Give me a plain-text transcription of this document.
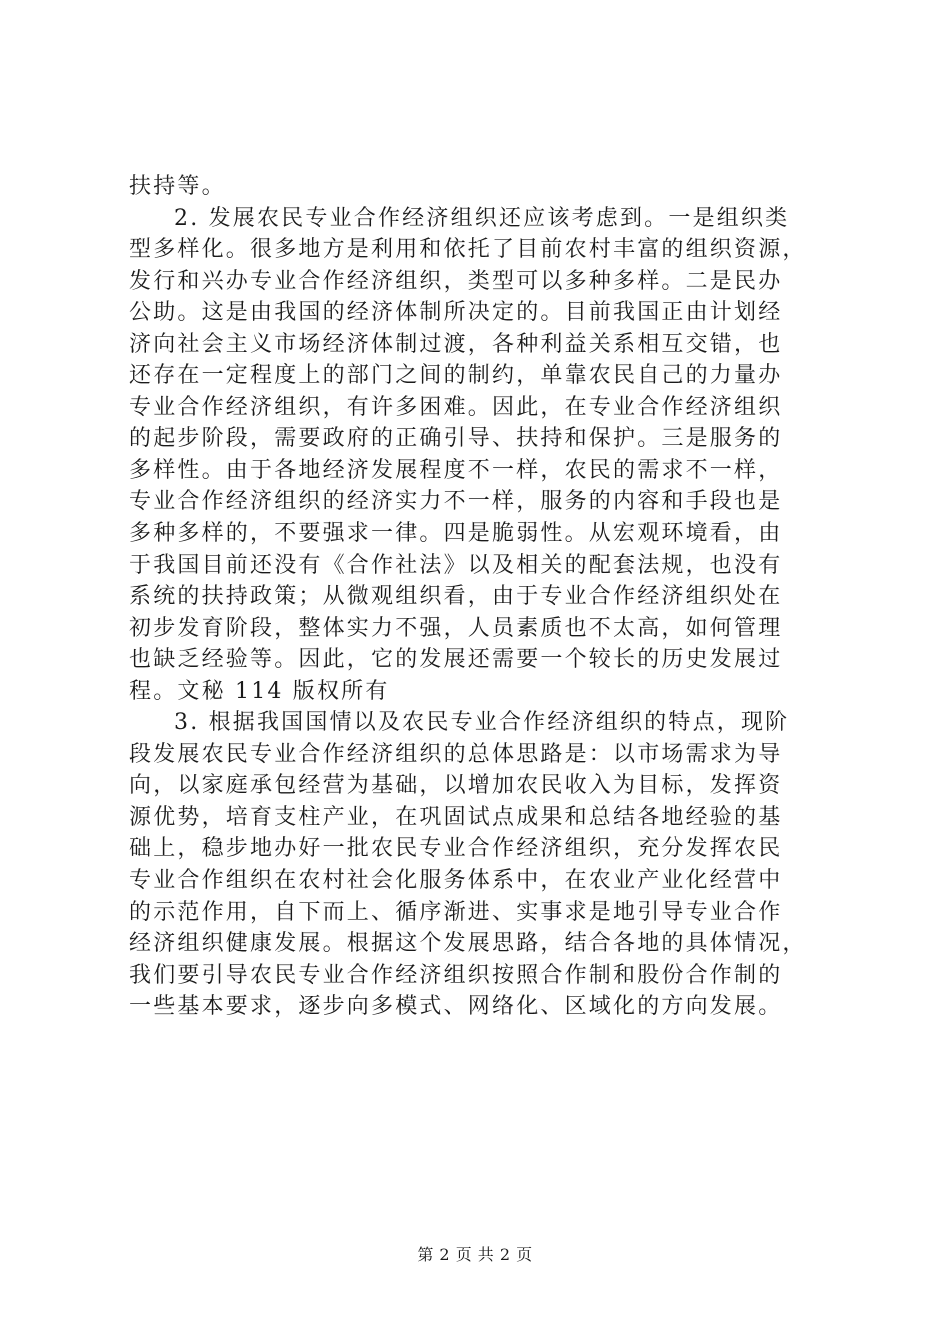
扶持等。
2. 发展农民专业合作经济组织还应该考虑到。一是组织类
型多样化。很多地方是利用和依托了目前农村丰富的组织资源，
发行和兴办专业合作经济组织，类型可以多种多样。二是民办
公助。这是由我国的经济体制所决定的。目前我国正由计划经
济向社会主义市场经济体制过渡，各种利益关系相互交错，也
还存在一定程度上的部门之间的制约，单靠农民自己的力量办
专业合作经济组织，有许多困难。因此，在专业合作经济组织
的起步阶段，需要政府的正确引导、扶持和保护。三是服务的
多样性。由于各地经济发展程度不一样，农民的需求不一样，
专业合作经济组织的经济实力不一样，服务的内容和手段也是
多种多样的，不要强求一律。四是脆弱性。从宏观环境看，由
于我国目前还没有《合作社法》以及相关的配套法规，也没有
系统的扶持政策；从微观组织看，由于专业合作经济组织处在
初步发育阶段，整体实力不强，人员素质也不太高，如何管理
也缺乏经验等。因此，它的发展还需要一个较长的历史发展过
程。文秘 114 版权所有
3. 根据我国国情以及农民专业合作经济组织的特点，现阶
段发展农民专业合作经济组织的总体思路是：以市场需求为导
向，以家庭承包经营为基础，以增加农民收入为目标，发挥资
源优势，培育支柱产业，在巩固试点成果和总结各地经验的基
础上，稳步地办好一批农民专业合作经济组织，充分发挥农民
专业合作组织在农村社会化服务体系中，在农业产业化经营中
的示范作用，自下而上、循序渐进、实事求是地引导专业合作
经济组织健康发展。根据这个发展思路，结合各地的具体情况，
我们要引导农民专业合作经济组织按照合作制和股份合作制的
一些基本要求，逐步向多模式、网络化、区域化的方向发展。
第 2 页 共 2 页
